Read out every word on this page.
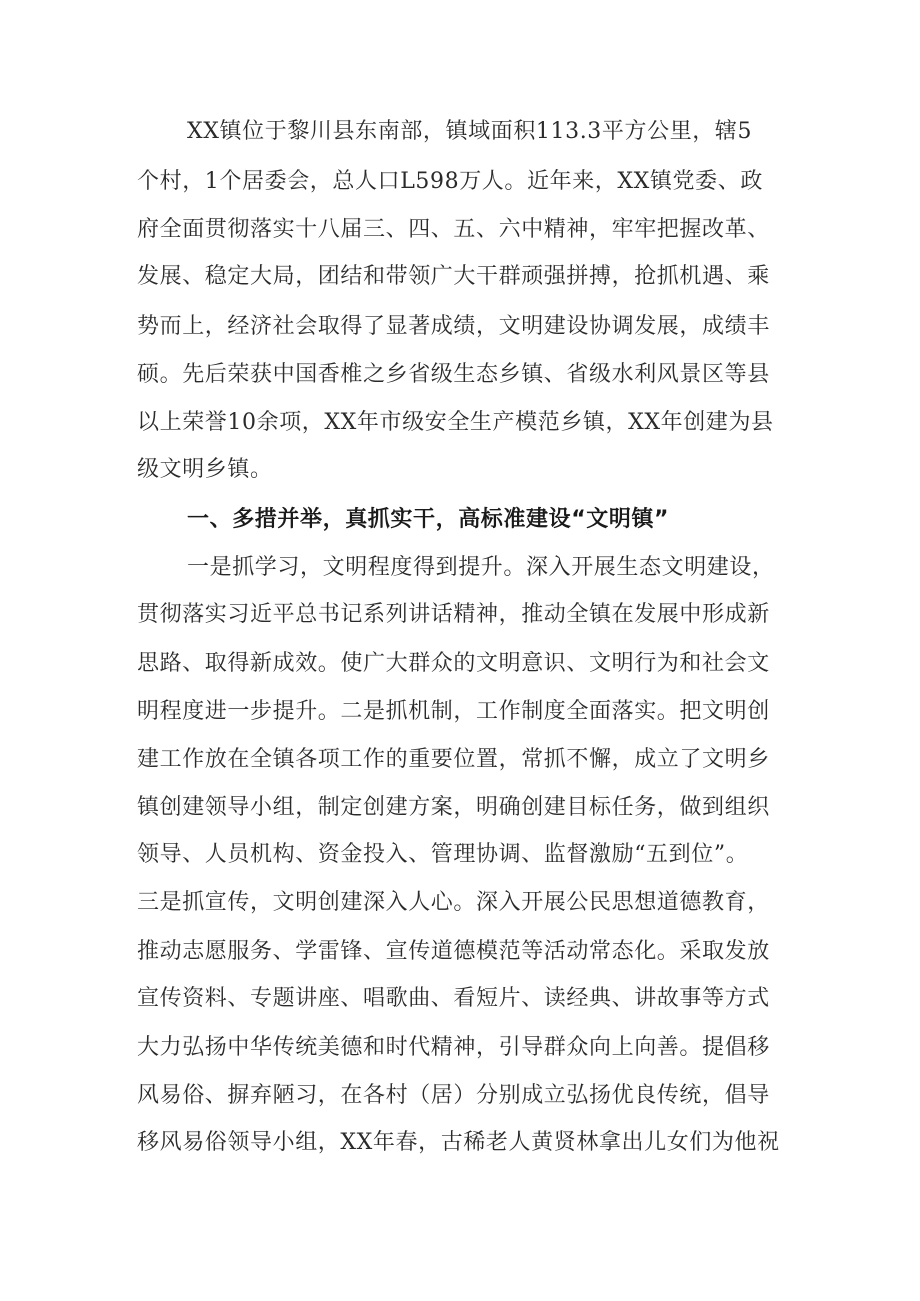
XX镇位于黎川县东南部，镇域面积113.3平方公里，辖5
个村，1个居委会，总人口L598万人。近年来，XX镇党委、政
府全面贯彻落实十八届三、四、五、六中精神，牢牢把握改革、
发展、稳定大局，团结和带领广大干群顽强拼搏，抢抓机遇、乘
势而上，经济社会取得了显著成绩，文明建设协调发展，成绩丰
硕。先后荣获中国香椎之乡省级生态乡镇、省级水利风景区等县
以上荣誉10余项，XX年市级安全生产模范乡镇，XX年创建为县
级文明乡镇。
一、多措并举，真抓实干，高标准建设“文明镇”
一是抓学习，文明程度得到提升。深入开展生态文明建设，
贯彻落实习近平总书记系列讲话精神，推动全镇在发展中形成新
思路、取得新成效。使广大群众的文明意识、文明行为和社会文
明程度进一步提升。二是抓机制，工作制度全面落实。把文明创
建工作放在全镇各项工作的重要位置，常抓不懈，成立了文明乡
镇创建领导小组，制定创建方案，明确创建目标任务，做到组织
领导、人员机构、资金投入、管理协调、监督激励“五到位”。
三是抓宣传，文明创建深入人心。深入开展公民思想道德教育，
推动志愿服务、学雷锋、宣传道德模范等活动常态化。采取发放
宣传资料、专题讲座、唱歌曲、看短片、读经典、讲故事等方式
大力弘扬中华传统美德和时代精神，引导群众向上向善。提倡移
风易俗、摒弃陋习，在各村（居）分别成立弘扬优良传统，倡导
移风易俗领导小组，XX年春，古稀老人黄贤林拿出儿女们为他祝
